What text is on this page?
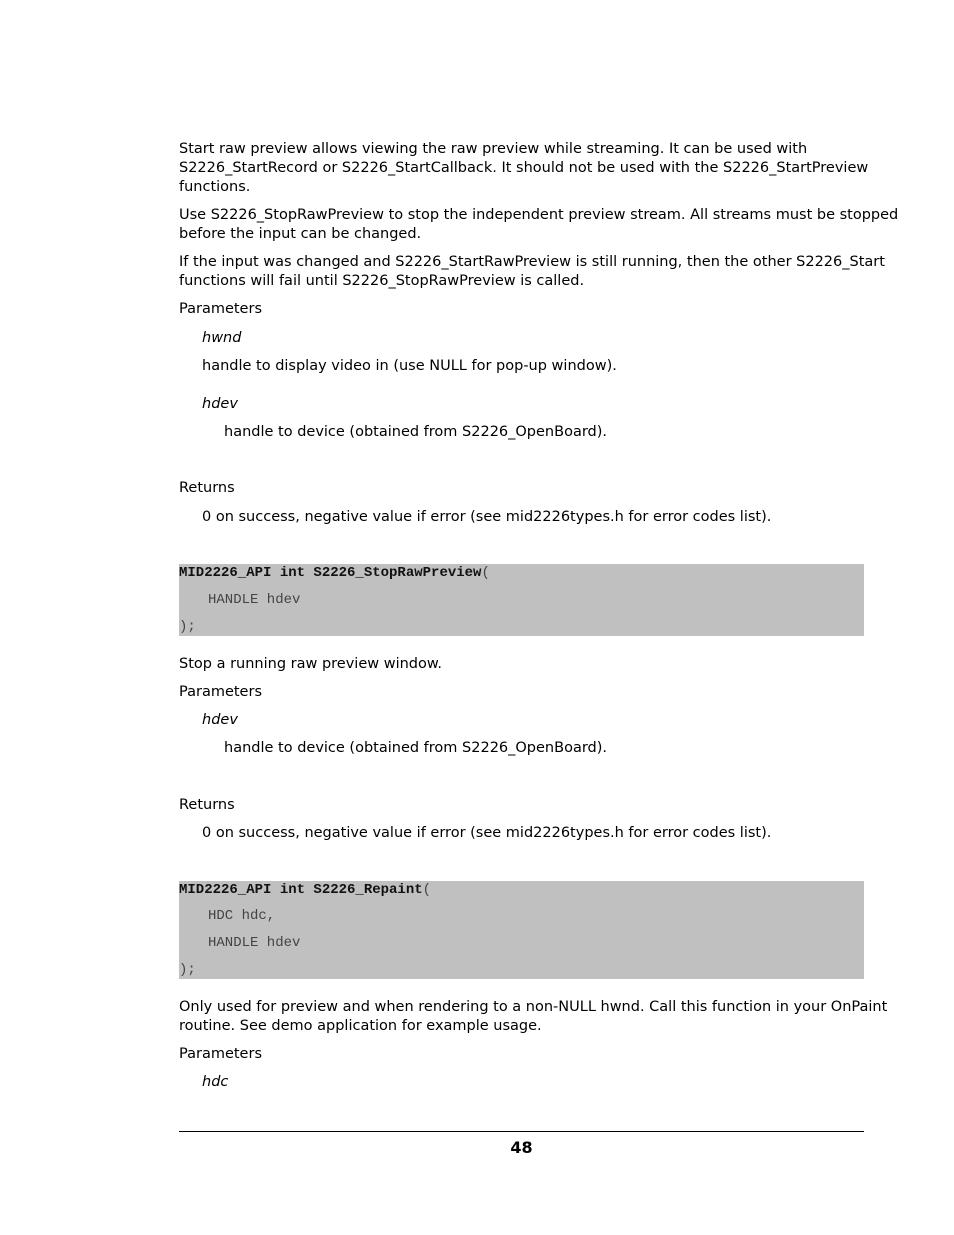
Start raw preview allows viewing the raw preview while streaming. It can be used with
S2226_StartRecord or S2226_StartCallback. It should not be used with the S2226_StartPreview
functions.
Use S2226_StopRawPreview to stop the independent preview stream. All streams must be stopped
before the input can be changed.
If the input was changed and S2226_StartRawPreview is still running, then the other S2226_Start
functions will fail until S2226_StopRawPreview is called.
Parameters
hwnd
handle to display video in (use NULL for pop-up window).
hdev
handle to device (obtained from S2226_OpenBoard).
Returns
0 on success, negative value if error (see mid2226types.h for error codes list).
MID2226_API int S2226_StopRawPreview(
HANDLE hdev
);
Stop a running raw preview window.
Parameters
hdev
handle to device (obtained from S2226_OpenBoard).
Returns
0 on success, negative value if error (see mid2226types.h for error codes list).
MID2226_API int S2226_Repaint(
HDC hdc,
HANDLE hdev
);
Only used for preview and when rendering to a non-NULL hwnd. Call this function in your OnPaint
routine. See demo application for example usage.
Parameters
hdc
48
